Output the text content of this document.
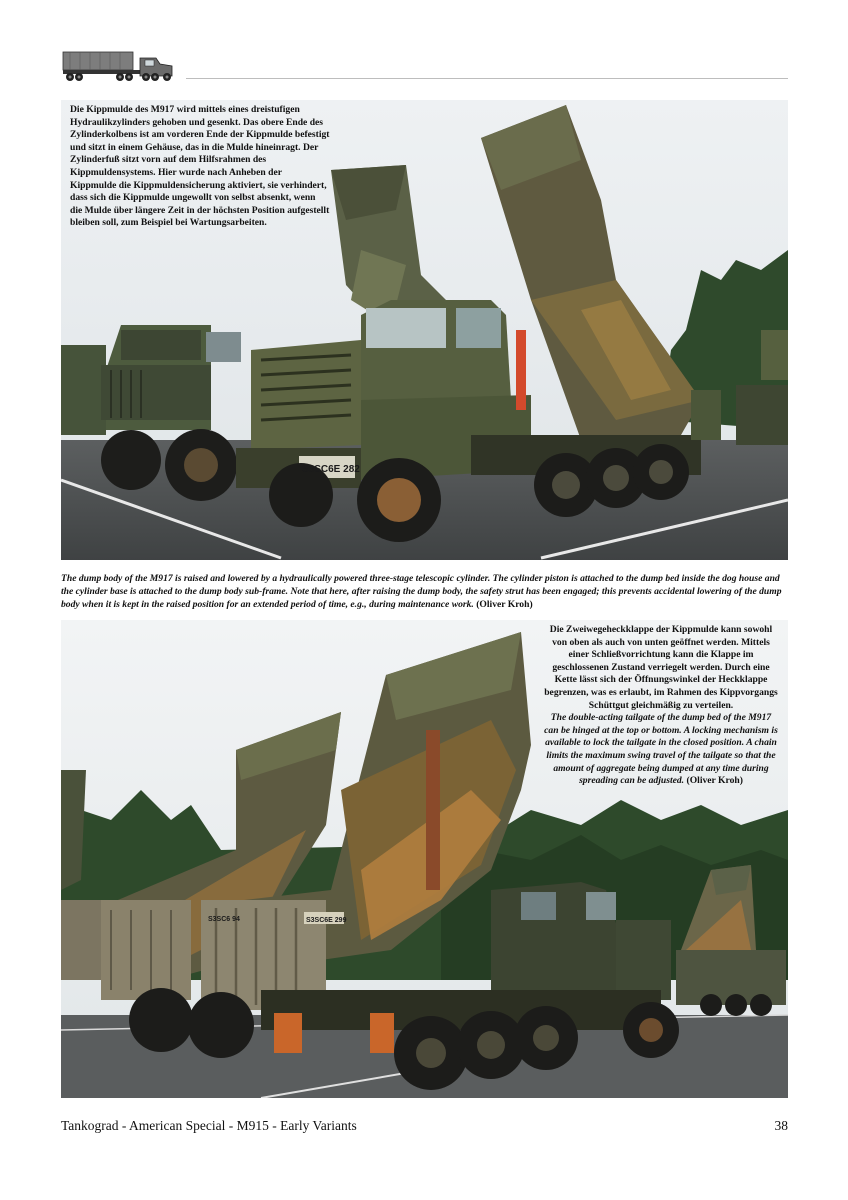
S3SC6E 282

Die Kippmulde des M917 wird mittels eines dreistufigen Hydraulikzylinders gehoben und gesenkt. Das obere Ende des Zylinderkolbens ist am vorderen Ende der Kippmulde befestigt und sitzt in einem Gehäuse, das in die Mulde hineinragt. Der Zylinderfuß sitzt vorn auf dem Hilfsrahmen des Kippmuldensystems. Hier wurde nach Anheben der Kippmulde die Kippmuldensicherung aktiviert, sie verhindert, dass sich die Kippmulde ungewollt von selbst absenkt, wenn die Mulde über längere Zeit in der höchsten Position aufgestellt bleiben soll, zum Beispiel bei Wartungsarbeiten.

The dump body of the M917 is raised and lowered by a hydraulically powered three-stage telescopic cylinder. The cylinder piston is attached to the dump bed inside the dog house and the cylinder base is attached to the dump body sub-frame. Note that here, after raising the dump body, the safety strut has been engaged; this prevents accidental lowering of the dump body when it is kept in the raised position for an extended period of time, e.g., during maintenance work. (Oliver Kroh)

S3SC6 94	S3SC6E 299

Die Zweiwegeheckklappe der Kippmulde kann sowohl von oben als auch von unten geöffnet werden. Mittels einer Schließvorrichtung kann die Klappe im geschlossenen Zustand verriegelt werden. Durch eine Kette lässt sich der Öffnungswinkel der Heckklappe begrenzen, was es erlaubt, im Rahmen des Kippvorgangs Schüttgut gleichmäßig zu verteilen.

The double-acting tailgate of the dump bed of the M917 can be hinged at the top or bottom. A locking mechanism is available to lock the tailgate in the closed position. A chain limits the maximum swing travel of the tailgate so that the amount of aggregate being dumped at any time during spreading can be adjusted. (Oliver Kroh)

Tankograd - American Special - M915 - Early Variants	38
